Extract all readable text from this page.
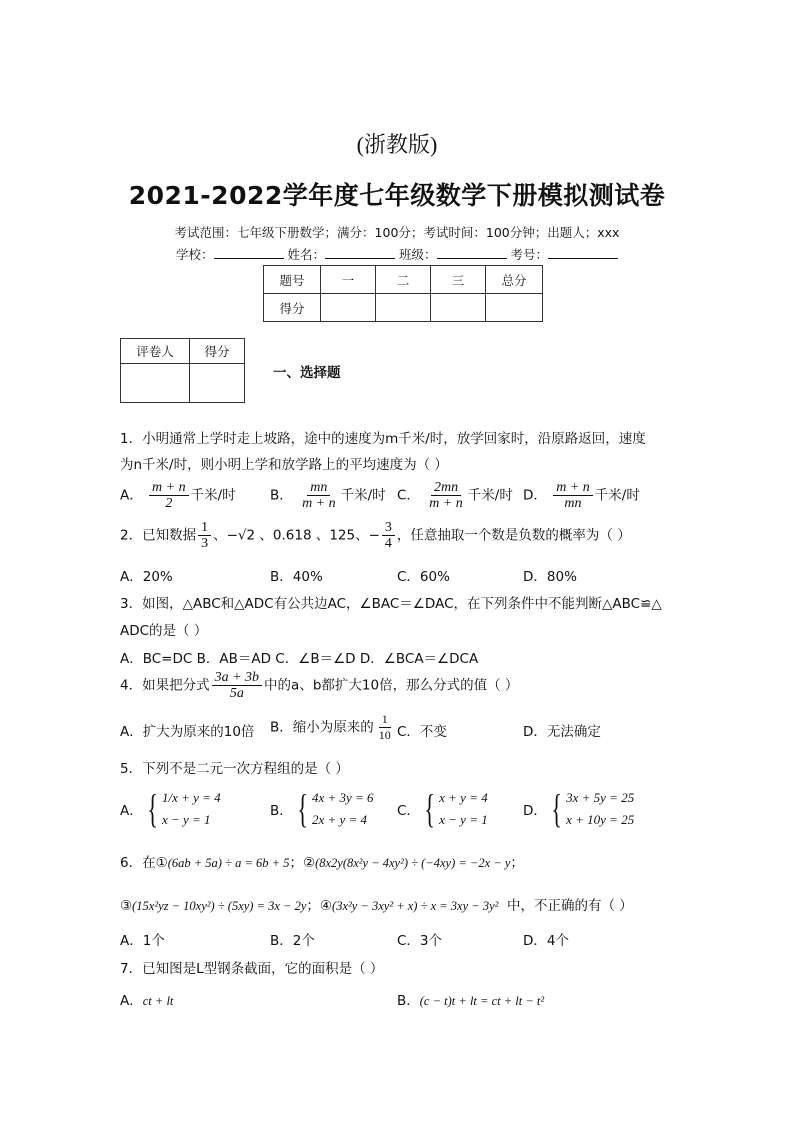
(浙教版)
2021-2022学年度七年级数学下册模拟测试卷
考试范围：七年级下册数学；满分：100分；考试时间：100分钟；出题人；xxx
学校：	姓名：	班级：	考号：
题号	一	二	三	总分
得分				
评卷人	得分

一、选择题
1．小明通常上学时走上坡路，途中的速度为m千米/时，放学回家时，沿原路返回，速度
为n千米/时，则小明上学和放学路上的平均速度为（ ）
A． $\frac{m + n}{2}$ 千米/时	B． $\frac{mn}{m + n}$ 千米/时 C． $\frac{2mn}{m + n}$ 千米/时 D． $\frac{m + n}{mn}$ 千米/时
2．已知数据 $\frac{1}{3}$ 、−√2 、0.618 、125、− $\frac{3}{4}$ ，任意抽取一个数是负数的概率为（ ）
A．20%	B．40%	C．60%	D．80%
3．如图，△ABC和△ADC有公共边AC，∠BAC＝∠DAC，在下列条件中不能判断△ABC≌△
ADC的是（ ）
A．BC=DC B．AB＝AD C．∠B＝∠D D．∠BCA＝∠DCA
4．如果把分式 $\frac{3a + 3b}{5a}$ 中的a、b都扩大10倍，那么分式的值（ ）
A．扩大为原来的10倍 B．缩小为原来的 $\frac{1}{10}$ C．不变	D．无法确定
5．下列不是二元一次方程组的是（ ）
A． { 1/x + y = 4
x − y = 1
B． { 4x + 3y = 6
2x + y = 4
C． { x + y = 4
x − y = 1
D． { 3x + 5y = 25
x + 10y = 25
6．在①(6ab + 5a) ÷ a = 6b + 5；②(8x2y(8x²y − 4xy²) ÷ (−4xy) = −2x − y；
③(15x²yz − 10xy²) ÷ (5xy) = 3x − 2y；④(3x²y − 3xy² + x) ÷ x = 3xy − 3y² 中，不正确的有（ ）
A．1个	B．2个	C．3个	D．4个
7．已知图是L型钢条截面，它的面积是（ ）
A．ct + lt	B．(c − t)t + lt = ct + lt − t²
